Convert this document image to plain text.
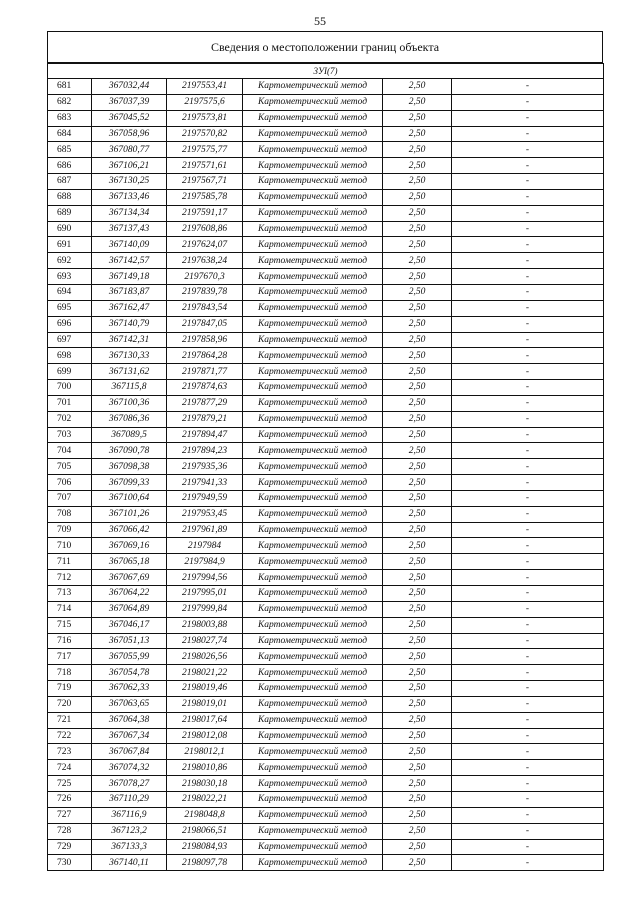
55
Сведения о местоположении границ объекта
3УІ(7)					
681	367032,44	2197553,41	Картометрический метод	2,50	-
682	367037,39	2197575,6	Картометрический метод	2,50	-
683	367045,52	2197573,81	Картометрический метод	2,50	-
684	367058,96	2197570,82	Картометрический метод	2,50	-
685	367080,77	2197575,77	Картометрический метод	2,50	-
686	367106,21	2197571,61	Картометрический метод	2,50	-
687	367130,25	2197567,71	Картометрический метод	2,50	-
688	367133,46	2197585,78	Картометрический метод	2,50	-
689	367134,34	2197591,17	Картометрический метод	2,50	-
690	367137,43	2197608,86	Картометрический метод	2,50	-
691	367140,09	2197624,07	Картометрический метод	2,50	-
692	367142,57	2197638,24	Картометрический метод	2,50	-
693	367149,18	2197670,3	Картометрический метод	2,50	-
694	367183,87	2197839,78	Картометрический метод	2,50	-
695	367162,47	2197843,54	Картометрический метод	2,50	-
696	367140,79	2197847,05	Картометрический метод	2,50	-
697	367142,31	2197858,96	Картометрический метод	2,50	-
698	367130,33	2197864,28	Картометрический метод	2,50	-
699	367131,62	2197871,77	Картометрический метод	2,50	-
700	367115,8	2197874,63	Картометрический метод	2,50	-
701	367100,36	2197877,29	Картометрический метод	2,50	-
702	367086,36	2197879,21	Картометрический метод	2,50	-
703	367089,5	2197894,47	Картометрический метод	2,50	-
704	367090,78	2197894,23	Картометрический метод	2,50	-
705	367098,38	2197935,36	Картометрический метод	2,50	-
706	367099,33	2197941,33	Картометрический метод	2,50	-
707	367100,64	2197949,59	Картометрический метод	2,50	-
708	367101,26	2197953,45	Картометрический метод	2,50	-
709	367066,42	2197961,89	Картометрический метод	2,50	-
710	367069,16	2197984	Картометрический метод	2,50	-
711	367065,18	2197984,9	Картометрический метод	2,50	-
712	367067,69	2197994,56	Картометрический метод	2,50	-
713	367064,22	2197995,01	Картометрический метод	2,50	-
714	367064,89	2197999,84	Картометрический метод	2,50	-
715	367046,17	2198003,88	Картометрический метод	2,50	-
716	367051,13	2198027,74	Картометрический метод	2,50	-
717	367055,99	2198026,56	Картометрический метод	2,50	-
718	367054,78	2198021,22	Картометрический метод	2,50	-
719	367062,33	2198019,46	Картометрический метод	2,50	-
720	367063,65	2198019,01	Картометрический метод	2,50	-
721	367064,38	2198017,64	Картометрический метод	2,50	-
722	367067,34	2198012,08	Картометрический метод	2,50	-
723	367067,84	2198012,1	Картометрический метод	2,50	-
724	367074,32	2198010,86	Картометрический метод	2,50	-
725	367078,27	2198030,18	Картометрический метод	2,50	-
726	367110,29	2198022,21	Картометрический метод	2,50	-
727	367116,9	2198048,8	Картометрический метод	2,50	-
728	367123,2	2198066,51	Картометрический метод	2,50	-
729	367133,3	2198084,93	Картометрический метод	2,50	-
730	367140,11	2198097,78	Картометрический метод	2,50	-
